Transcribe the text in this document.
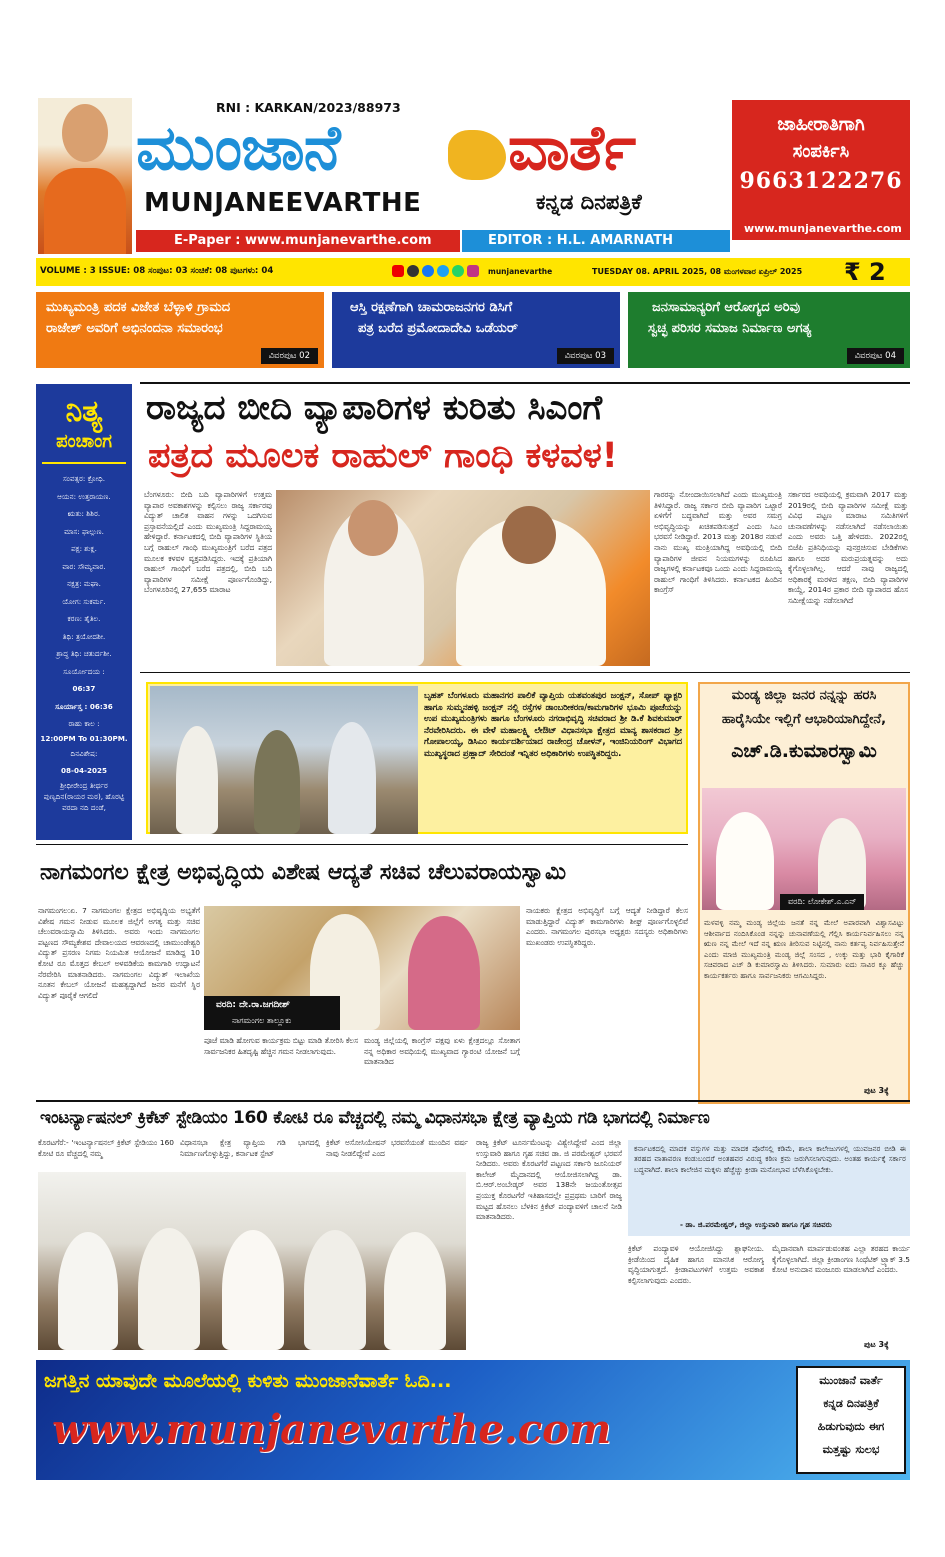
RNI : KARKAN/2023/88973
ಮುಂಜಾನೆ	ವಾರ್ತೆ
MUNJANEEVARTHE	ಕನ್ನಡ ದಿನಪತ್ರಿಕೆ
E-Paper : www.munjanevarthe.com	EDITOR : H.L. AMARNATH
ಜಾಹೀರಾತಿಗಾಗಿ
ಸಂಪರ್ಕಿಸಿ
9663122276
www.munjanevarthe.com
VOLUME : 3 ISSUE: 08 ಸಂಪುಟ: 03 ಸಂಚಿಕೆ: 08 ಪುಟಗಳು: 04	munjanevarthe	TUESDAY 08. APRIL 2025, 08 ಮಂಗಳವಾರ ಏಪ್ರಿಲ್ 2025 ₹ 2
ಮುಖ್ಯಮಂತ್ರಿ ಪದಕ ವಿಜೇತ ಬೆಳ್ಳಾಳಿ ಗ್ರಾಮದ
ರಾಜೇಶ್ ಅವರಿಗೆ ಅಭಿನಂದನಾ ಸಮಾರಂಭ
ವಿವರಪುಟ 02
ಆಸ್ತಿ ರಕ್ಷಣೆಗಾಗಿ ಚಾಮರಾಜನಗರ ಡಿಸಿಗೆ
ಪತ್ರ ಬರೆದ ಪ್ರಮೋದಾದೇವಿ ಒಡೆಯರ್
ವಿವರಪುಟ 03
ಜನಸಾಮಾನ್ಯರಿಗೆ ಆರೋಗ್ಯದ ಅರಿವು
ಸ್ವಚ್ಛ ಪರಿಸರ ಸಮಾಜ ನಿರ್ಮಾಣ ಅಗತ್ಯ
ವಿವರಪುಟ 04
ನಿತ್ಯ
ಪಂಚಾಂಗ
ಸಂವತ್ಸರ: ಕ್ರೋಧಿ.
ಆಯನ: ಉತ್ತರಾಯಣ.
ಋತು: ಶಿಶಿರ.
ಮಾಸ: ಫಾಲ್ಗುಣ.
ಪಕ್ಷ: ಶುಕ್ಲ.
ವಾರ: ಸೌಮ್ಯವಾರ.
ನಕ್ಷತ್ರ: ಮಘಾ.
ಯೋಗ: ಸುಕರ್ಮ.
ಕರಣ: ತೈತಿಲ.
ತಿಥಿ: ತ್ರಯೋದಶೀ.
ಶ್ರಾದ್ಧ ತಿಥಿ: ಚತುರ್ದಶೀ.
ಸೂರ್ಯೋದಯ :
06:37
ಸೂರ್ಯಾಸ್ತ : 06:36
ರಾಹು ಕಾಲ :
12:00PM To 01:30PM.
ದಿನವಿಶೇಷ:
08-04-2025
ಶ್ರೀಧೀರೇಂದ್ರ ತೀರ್ಥರ ಪುಣ್ಯದಿನ(ರಾಯರ ಮಠ), ಹೊರಟ್ಟಿ ವರದಾ ನದಿ ದಂಡೆ,
ರಾಜ್ಯದ ಬೀದಿ ವ್ಯಾಪಾರಿಗಳ ಕುರಿತು ಸಿಎಂಗೆ
ಪತ್ರದ ಮೂಲಕ ರಾಹುಲ್ ಗಾಂಧಿ ಕಳವಳ!
ಬೆಂಗಳೂರು: ಬೀದಿ ಬದಿ ವ್ಯಾಪಾರಿಗಳಿಗೆ ಉತ್ತಮ ವ್ಯಾಪಾರ ಅವಕಾಶಗಳನ್ನು ಕಲ್ಪಿಸಲು ರಾಜ್ಯ ಸರ್ಕಾರವು ವಿದ್ಯುತ್ ಚಾಲಿತ ವಾಹನ ಗಳನ್ನು ಒದಗಿಸುವ ಪ್ರಸ್ತಾವನೆಯಲ್ಲಿದೆ ಎಂದು ಮುಖ್ಯಮಂತ್ರಿ ಸಿದ್ದರಾಮಯ್ಯ ಹೇಳಿದ್ದಾರೆ. ಕರ್ನಾಟಕದಲ್ಲಿ ಬೀದಿ ವ್ಯಾಪಾರಿಗಳ ಸ್ಥಿತಿಯ ಬಗ್ಗೆ ರಾಹುಲ್ ಗಾಂಧಿ ಮುಖ್ಯಮಂತ್ರಿಗೆ ಬರೆದ ಪತ್ರದ ಮೂಲಕ ಕಳವಳ ವ್ಯಕ್ತಪಡಿಸಿದ್ದರು. ಇದಕ್ಕೆ ಪ್ರತಿಯಾಗಿ ರಾಹುಲ್ ಗಾಂಧಿಗೆ ಬರೆದ ಪತ್ರದಲ್ಲಿ, ಬೀದಿ ಬದಿ ವ್ಯಾಪಾರಿಗಳ ಸಮೀಕ್ಷೆ ಪೂರ್ಣಗೊಂಡಿದ್ದು, ಬೆಂಗಳೂರಿನಲ್ಲಿ 27,655 ಮಾರಾಟ
ಗಾರರನ್ನು ನೋಂದಾಯಿಸಲಾಗಿದೆ ಎಂದು ಮುಖ್ಯಮಂತ್ರಿ ತಿಳಿಸಿದ್ದಾರೆ. ರಾಜ್ಯ ಸರ್ಕಾರ ಬೀದಿ ವ್ಯಾಪಾರಿಗ ಒಟ್ಟಾರೆ ಏಳಿಗೆಗೆ ಬದ್ಧವಾಗಿದೆ ಮತ್ತು ಅವರ ಸಮಗ್ರ ಅಭಿವೃದ್ಧಿಯನ್ನು ಖಚಿತಪಡಿಸುತ್ತದೆ ಎಂದು ಸಿಎಂ ಭರವಸೆ ನೀಡಿದ್ದಾರೆ. 2013 ಮತ್ತು 2018ರ ನಡುವೆ ನಾನು ಮುಖ್ಯ ಮಂತ್ರಿಯಾಗಿದ್ದ ಅವಧಿಯಲ್ಲಿ ಬೀದಿ ವ್ಯಾಪಾರಿಗಳ ಜೀವನ ನಿಯಮಗಳನ್ನು ರೂಪಿಸಿದ ರಾಜ್ಯಗಳಲ್ಲಿ ಕರ್ನಾಟಕವೂ ಒಂದು ಎಂದು ಸಿದ್ದರಾಮಯ್ಯ ರಾಹುಲ್ ಗಾಂಧಿಗೆ ತಿಳಿಸಿದರು. ಕರ್ನಾಟಕದ ಹಿಂದಿನ ಕಾಂಗ್ರೆಸ್
ಸರ್ಕಾರದ ಅವಧಿಯಲ್ಲಿ ಕ್ರಮವಾಗಿ 2017 ಮತ್ತು 2019ರಲ್ಲಿ ಬೀದಿ ವ್ಯಾಪಾರಿಗಳ ಸಮೀಕ್ಷೆ ಮತ್ತು ವಿವಿಧ ಪಟ್ಟಣ ಮಾರಾಟ ಸಮಿತಿಗಳಿಗೆ ಚುನಾವಣೆಗಳನ್ನು ನಡೆಸಲಾಗಿದೆ ನಡೆಸಲಾಯಿತು ಎಂದು ಅವರು ಒತ್ತಿ ಹೇಳಿದರು. 2022ರಲ್ಲಿ ಬಿಜೆಪಿ ಪ್ರತಿನಿಧಿಯನ್ನು ಪುನರ್ರಚಿಸುವ ಬೇಡಿಕೆಗಳು ಹಾಗೂ ಅದರ ಮರುಪ್ರಯತ್ನವನ್ನು ಅದು ಕೈಗೊಳ್ಳಲಾಗಿಲ್ಲ. ಆದರೆ ನಾವು ರಾಜ್ಯದಲ್ಲಿ ಅಧಿಕಾರಕ್ಕೆ ಮರಳಿದ ತಕ್ಷಣ, ಬೀದಿ ವ್ಯಾಪಾರಿಗಳ ಕಾಯ್ದೆ, 2014ರ ಪ್ರಕಾರ ಬೀದಿ ವ್ಯಾಪಾರದ ಹೊಸ ಸಮೀಕ್ಷೆಯನ್ನು ನಡೆಸಲಾಗಿದೆ
ಬೃಹತ್ ಬೆಂಗಳೂರು ಮಹಾನಗರ ಪಾಲಿಕೆ ವ್ಯಾಪ್ತಿಯ ಯಶವಂತಪುರ ಜಂಕ್ಷನ್, ಸೋಪ್ ಫ್ಯಾಕ್ಟರಿ ಹಾಗೂ ಸುಮ್ಮನಹಳ್ಳಿ ಜಂಕ್ಷನ್ ನಲ್ಲಿ ರಸ್ತೆಗಳ ಡಾಂಬರೀಕರಣ/ಕಾಮಗಾರಿಗಳ ಭೂಮಿ ಪೂಜೆಯನ್ನು ಉಪ ಮುಖ್ಯಮಂತ್ರಿಗಳು ಹಾಗೂ ಬೆಂಗಳೂರು ನಗರಾಭಿವೃದ್ಧಿ ಸಚಿವರಾದ ಶ್ರೀ ಡಿ.ಕೆ ಶಿವಕುಮಾರ್ ನೆರವೇರಿಸಿದರು. ಈ ವೇಳೆ ಮಹಾಲಕ್ಷ್ಮಿ ಲೇಔಟ್ ವಿಧಾನಸಭಾ ಕ್ಷೇತ್ರದ ಮಾನ್ಯ ಶಾಸಕರಾದ ಶ್ರೀ ಗೋಪಾಲಯ್ಯ, ಡಿಸಿಎಂ ಕಾರ್ಯದರ್ಶಿಯಾದ ರಾಜೇಂದ್ರ ಚೋಳನ್, ಇಂಜಿನಿಯರಿಂಗ್ ವಿಭಾಗದ ಮುಖ್ಯಸ್ಥರಾದ ಪ್ರಹ್ಲಾದ್ ಸೇರಿದಂತೆ ಇನ್ನಿತರ ಅಧಿಕಾರಿಗಳು ಉಪಸ್ಥಿತರಿದ್ದರು.
ಮಂಡ್ಯ ಜಿಲ್ಲಾ ಜನರ ನನ್ನನ್ನು ಹರಸಿ
ಹಾರೈಸಿಯೇ ಇಲ್ಲಿಗೆ ಆಭಾರಿಯಾಗಿದ್ದೇನೆ,
ಎಚ್.ಡಿ.ಕುಮಾರಸ್ವಾಮಿ
ವರದಿ: ಲೋಕೇಶ್.ಎ.ಎನ್
ಮಳವಳ್ಳಿ ನಮ್ಮ ಮಂಡ್ಯ ಜಿಲ್ಲೆಯ ಜನತೆ ನನ್ನ ಮೇಲೆ ಅಪಾರವಾಗಿ ವಿಶ್ವಾಸವಿಟ್ಟು ಆಶೀರ್ವಾದ ನಂದಿಸಿಕೊಂಡ ನನ್ನನ್ನು ಚುನಾವಣೆಯಲ್ಲಿ ಗೆಲ್ಲಿಸಿ ಕಾರ್ಯನಿರ್ವಹಿಸಲು ನನ್ನ ಋಣ ನನ್ನ ಮೇಲೆ ಇದೆ ನನ್ನ ಋಣ ತೀರಿಸುವ ನಿಟ್ಟಿನಲ್ಲಿ ನಾನು ಕರ್ತವ್ಯ ನಿರ್ವಹಿಸುತ್ತೇನೆ ಎಂದು ಮಾಜಿ ಮುಖ್ಯಮಂತ್ರಿ ಮಂಡ್ಯ ಜಿಲ್ಲೆ ಸಂಸದ , ಉಕ್ಕು ಮತ್ತು ಭಾರಿ ಕೈಗಾರಿಕೆ ಸಚಿವರಾದ ಎಚ್ ಡಿ ಕುಮಾರಸ್ವಾಮಿ ತಿಳಿಸಿದರು. ಸುಮಾರು ಐದು ಸಾವಿರ ಕ್ಕೂ ಹೆಚ್ಚು ಕಾರ್ಯಕರ್ತರು ಹಾಗೂ ಸಾರ್ವಜನಿಕರು ಆಗಮಿಸಿದ್ದರು.
ಪುಟ 3ಕ್ಕೆ
ನಾಗಮಂಗಲ ಕ್ಷೇತ್ರ ಅಭಿವೃದ್ಧಿಯ ವಿಶೇಷ ಆದ್ಯತೆ ಸಚಿವ ಚೆಲುವರಾಯಸ್ವಾಮಿ
ನಾಗಮಂಗಲ:ಏ. 7 ನಾಗಮಂಗಲ ಕ್ಷೇತ್ರದ ಅಭಿವೃದ್ಧಿಯ ಅಭ್ಯತೆಗೆ ವಿಶೇಷ ಗಮನ ನೀಡುವ ಮೂಲಕ ಜಿಲ್ಲೆಗೆ ಅಗತ್ಯ ಮತ್ತು ಸಚಿವ ಚೆಲುವರಾಯಸ್ವಾಮಿ ತಿಳಿಸಿದರು. ಅವರು ಇಂದು ನಾಗಮಂಗಲ ಪಟ್ಟಣದ ಸೌಮ್ಯಕೇಶವ ದೇವಾಲಯದ ಆವರಣದಲ್ಲಿ ಚಾಮುಂಡೇಶ್ವರಿ ವಿದ್ಯುತ್ ಪ್ರಸರಣ ನಿಗಮ ನಿಯಮಿತ ಆಯೋಜನೆ ಮಾಡಿದ್ದ 10 ಕೋಟಿ ರೂ ಮೊತ್ತದ ಕೇಬಲ್ ಅಳವಡಿಕೆಯ ಕಾಮಗಾರಿ ಉದ್ಘಾಟನೆ ನೆರವೇರಿಸಿ ಮಾತನಾಡಿದರು. ನಾಗಮಂಗಲ ವಿದ್ಯುತ್ ಇಲಾಖೆಯ ನೂತನ ಕೇಬಲ್ ಯೋಜನೆ ಮಹತ್ವದ್ದಾಗಿದೆ ಜನರ ಮನೆಗೆ ಸ್ಥಿರ ವಿದ್ಯುತ್ ಪೂರೈಕೆ ಆಗಲಿದೆ
ವರದಿ: ದೇ.ರಾ.ಜಗದೀಶ್
ನಾಗಮಂಗಲ ತಾಲ್ಲೂಕು
ಪೂಜೆ ಮಾಡಿ ಹೋಗುವ ಕಾರ್ಯಕ್ರಮ ಬಿಟ್ಟು ಮಾಡಿ ತೋರಿಸಿ ಕೆಲಸ ಸಾರ್ವಜನಿಕರ ಹಿತದೃಷ್ಟಿ ಹೆಚ್ಚಿನ ಗಮನ ನೀಡಲಾಗುವುದು.
ಮಂಡ್ಯ ಜಿಲ್ಲೆಯಲ್ಲಿ ಕಾಂಗ್ರೆಸ್ ಪಕ್ಷವು ಏಳು ಕ್ಷೇತ್ರದಲ್ಲೂ ಸೋತಾಗ ನನ್ನ ಅಧಿಕಾರ ಅವಧಿಯಲ್ಲಿ ಮುಖ್ಯವಾದ ಗ್ಯಾರಂಟಿ ಯೋಜನೆ ಬಗ್ಗೆ ಮಾತನಾಡಿದ
ನಾಯಕರು ಕ್ಷೇತ್ರದ ಅಭಿವೃದ್ಧಿಗೆ ಬಗ್ಗೆ ಆದ್ಯತೆ ನೀಡಿದ್ದಾರೆ ಕೆಲಸ ಮಾಡುತ್ತಿದ್ದಾರೆ ವಿದ್ಯುತ್ ಕಾಮಗಾರಿಗಳು ಶೀಘ್ರ ಪೂರ್ಣಗೊಳ್ಳಲಿವೆ ಎಂದರು. ನಾಗಮಂಗಲ ಪುರಸಭಾ ಅಧ್ಯಕ್ಷರು ಸದಸ್ಯರು ಅಧಿಕಾರಿಗಳು ಮುಖಂಡರು ಉಪಸ್ಥಿತರಿದ್ದರು.
ಇಂಟರ್ನ್ಯಾಷನಲ್ ಕ್ರಿಕೆಟ್ ಸ್ಟೇಡಿಯಂ 160 ಕೋಟಿ ರೂ ವೆಚ್ಚದಲ್ಲಿ ನಮ್ಮ ವಿಧಾನಸಭಾ ಕ್ಷೇತ್ರ ವ್ಯಾಪ್ತಿಯ ಗಡಿ ಭಾಗದಲ್ಲಿ ನಿರ್ಮಾಣ
ಕೊರಟಗೆರೆ:- 'ಇಂಟರ್ನ್ಯಾಷನಲ್ ಕ್ರಿಕೆಟ್ ಸ್ಟೇಡಿಯಂ 160 ಕೋಟಿ ರೂ ವೆಚ್ಚದಲ್ಲಿ ನಮ್ಮ
ವಿಧಾನಸಭಾ ಕ್ಷೇತ್ರ ವ್ಯಾಪ್ತಿಯ ಗಡಿ ಭಾಗದಲ್ಲಿ ನಿರ್ಮಾಣಗೊಳ್ಳುತ್ತಿದ್ದು, ಕರ್ನಾಟಕ ಸ್ಟೇಟ್
ಕ್ರಿಕೆಟ್ ಅಸೋಸಿಯೇಷನ್ ಭರವಸೆಯಂತೆ ಮುಂದಿನ ವರ್ಷ ನಾವು ನೀಡಲಿದ್ದೇವೆ ಎಂದ
ರಾಜ್ಯ ಕ್ರಿಕೆಟ್ ಟೂರ್ನಮೆಂಟನ್ನು ವಿಶ್ವೇಸಿದ್ದೇವೆ ಎಂದ ಜಿಲ್ಲಾ ಉಸ್ತುವಾರಿ ಹಾಗೂ ಗೃಹ ಸಚಿವ ಡಾ. ಜಿ ಪರಮೇಶ್ವರ್ ಭರವಸೆ ನೀಡಿದರು. ಅವರು ಕೊರಟಗೆರೆ ಪಟ್ಟಣದ ಸರ್ಕಾರಿ ಜೂನಿಯರ್ ಕಾಲೇಜ್ ಮೈದಾನದಲ್ಲಿ ಆಯೋಜಿಸಲಾಗಿದ್ದ ಡಾ. ಬಿ.ಆರ್.ಅಂಬೇಡ್ಕರ್ ಅವರ 138ನೇ ಜಯಂತೋತ್ಸವ ಪ್ರಯುಕ್ತ ಕೊರಟಗೆರೆ ಇತಿಹಾಸದಲ್ಲೇ ಪ್ರಪ್ರಥಮ ಬಾರಿಗೆ ರಾಜ್ಯ ಮಟ್ಟದ ಹೊನಲು ಬೆಳಕಿನ ಕ್ರಿಕೆಟ್ ಪಂದ್ಯಾವಳಿಗೆ ಚಾಲನೆ ನೀಡಿ ಮಾತನಾಡಿದರು.
ಕರ್ನಾಟಕದಲ್ಲಿ ಮಾದಕ ವಸ್ತುಗಳ ಮತ್ತು ಮಾದಕ ಪೊರೆಸಲ್ಲಿ ಕಡಿಮೆ, ಶಾಲಾ ಕಾಲೇಜುಗಳಲ್ಲಿ ಯುವಜನರ ಬೀಡಿ ಈ ತರಹದ ವಾತಾವರಣ ಕಂಡುಬಂದರೆ ಅಂತಹವರ ವಿರುದ್ಧ ಕಠಿಣ ಕ್ರಮ ಜರುಗಿಸಲಾಗುವುದು. ಅಂತಹ ಕಾರ್ಯಕ್ಕೆ ಸರ್ಕಾರ ಬದ್ಧವಾಗಿದೆ. ಶಾಲಾ ಕಾಲೇಜಿನ ಮಕ್ಕಳು ಹೆಚ್ಚೆಚ್ಚು ಕ್ರೀಡಾ ಮನೋಭಾವ ಬೆಳೆಸಿಕೊಳ್ಳಬೇಕು.
- ಡಾ. ಜಿ.ಪರಮೇಶ್ವರ್, ಜಿಲ್ಲಾ ಉಸ್ತುವಾರಿ ಹಾಗೂ ಗೃಹ ಸಚಿವರು
ಕ್ರಿಕೆಟ್ ಪಂದ್ಯಾವಳಿ ಆಯೋಜಿಸಿದ್ದು ಶ್ಲಾಘನೀಯ. ಕ್ರೀಡೆಯಿಂದ ದೈಹಿಕ ಹಾಗೂ ಮಾನಸಿಕ ಆರೋಗ್ಯ ವೃದ್ಧಿಯಾಗುತ್ತದೆ. ಕ್ರೀಡಾಪಟುಗಳಿಗೆ ಉತ್ತಮ ಅವಕಾಶ ಕಲ್ಪಿಸಲಾಗುವುದು ಎಂದರು.
ಮೈದಾನವಾಗಿ ಮಾರ್ಪಡುವಂತಹ ಎಲ್ಲಾ ತರಹದ ಕಾರ್ಯ ಕೈಗೊಳ್ಳಲಾಗಿದೆ. ಜಿಲ್ಲಾ ಕ್ರೀಡಾಂಗಣ ಸಿಂಥೆಟಿಕ್ ಟ್ರ್ಯಾಕ್ 3.5 ಕೋಟಿ ಅನುದಾನ ಮಂಜೂರು ಮಾಡಲಾಗಿದೆ ಎಂದರು.
ಪುಟ 3ಕ್ಕೆ
ಜಗತ್ತಿನ ಯಾವುದೇ ಮೂಲೆಯಲ್ಲಿ ಕುಳಿತು ಮುಂಜಾನೆವಾರ್ತೆ ಓದಿ...
www.munjanevarthe.com
ಮುಂಜಾನೆ ವಾರ್ತೆ
ಕನ್ನಡ ದಿನಪತ್ರಿಕೆ
ಹಿಡುಗುವುದು ಈಗ
ಮತ್ತಷ್ಟು ಸುಲಭ
